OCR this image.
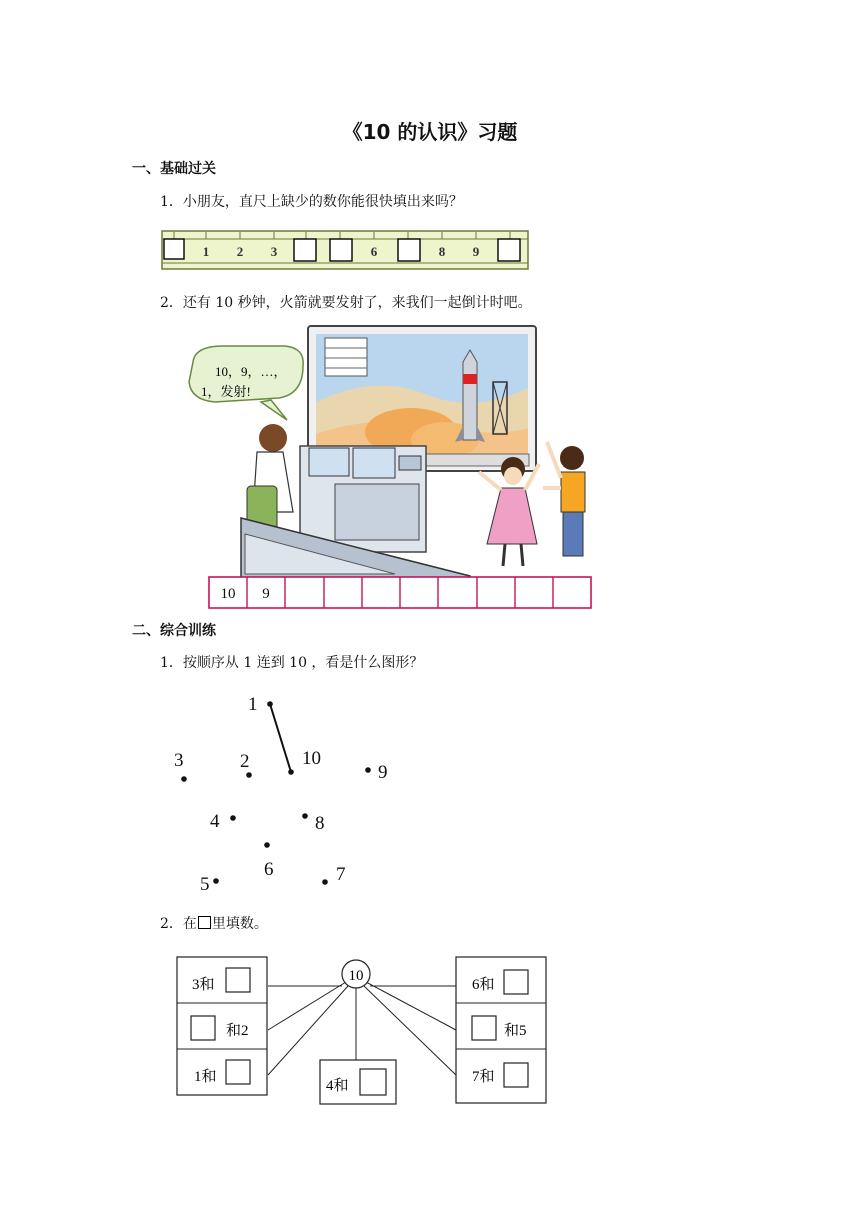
《10 的认识》习题
一、基础过关
1．小朋友，直尺上缺少的数你能很快填出来吗？
1 2 3	6	8 9
2．还有 10 秒钟，火箭就要发射了，来我们一起倒计时吧。
10，9，…，
1，发射!
10 9
二、综合训练
1．按顺序从 1 连到 10 ，看是什么图形？
1
2
3
4
5
6	7
8
9
10
2．在 里填数。
10
3和
和2
1和
6和
和5
7和
4和
